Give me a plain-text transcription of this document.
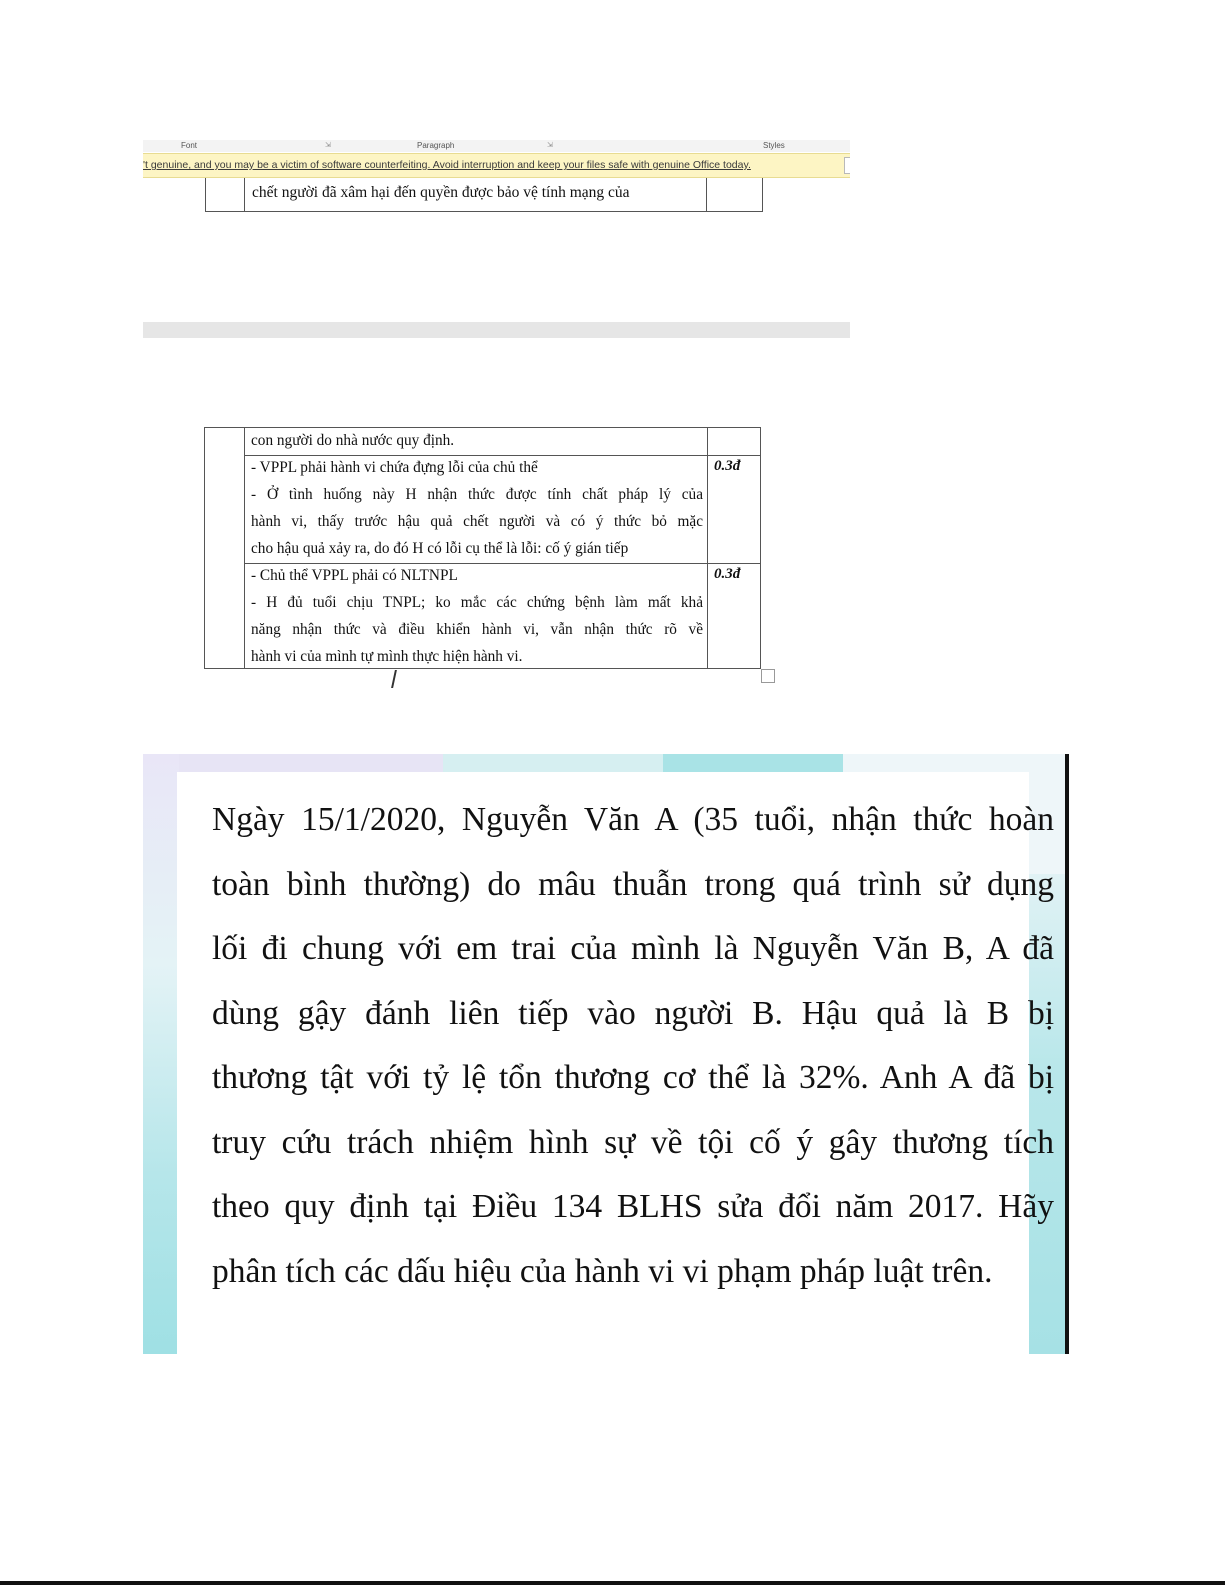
Font	⇲	Paragraph	⇲	Styles
't genuine, and you may be a victim of software counterfeiting. Avoid interruption and keep your files safe with genuine Office today.
chết người đã xâm hại đến quyền được bảo vệ tính mạng của
con người do nhà nước quy định.
- VPPL phải hành vi chứa đựng lỗi của chủ thể
- Ở tình huống này H nhận thức được tính chất pháp lý của
hành vi, thấy trước hậu quả chết người và có ý thức bỏ mặc
cho hậu quả xảy ra, do đó H có lỗi cụ thể là lỗi: cố ý gián tiếp
0.3đ
- Chủ thể VPPL phải có NLTNPL
- H đủ tuổi chịu TNPL; ko mắc các chứng bệnh làm mất khả
năng nhận thức và điều khiển hành vi, vẫn nhận thức rõ về
hành vi của mình tự mình thực hiện hành vi.
0.3đ
Ngày 15/1/2020, Nguyễn Văn A (35 tuổi, nhận thức hoàn
toàn bình thường) do mâu thuẫn trong quá trình sử dụng
lối đi chung với em trai của mình là Nguyễn Văn B, A đã
dùng gậy đánh liên tiếp vào người B. Hậu quả là B bị
thương tật với tỷ lệ tổn thương cơ thể là 32%. Anh A đã bị
truy cứu trách nhiệm hình sự về tội cố ý gây thương tích
theo quy định tại Điều 134 BLHS sửa đổi năm 2017. Hãy
phân tích các dấu hiệu của hành vi vi phạm pháp luật trên.
